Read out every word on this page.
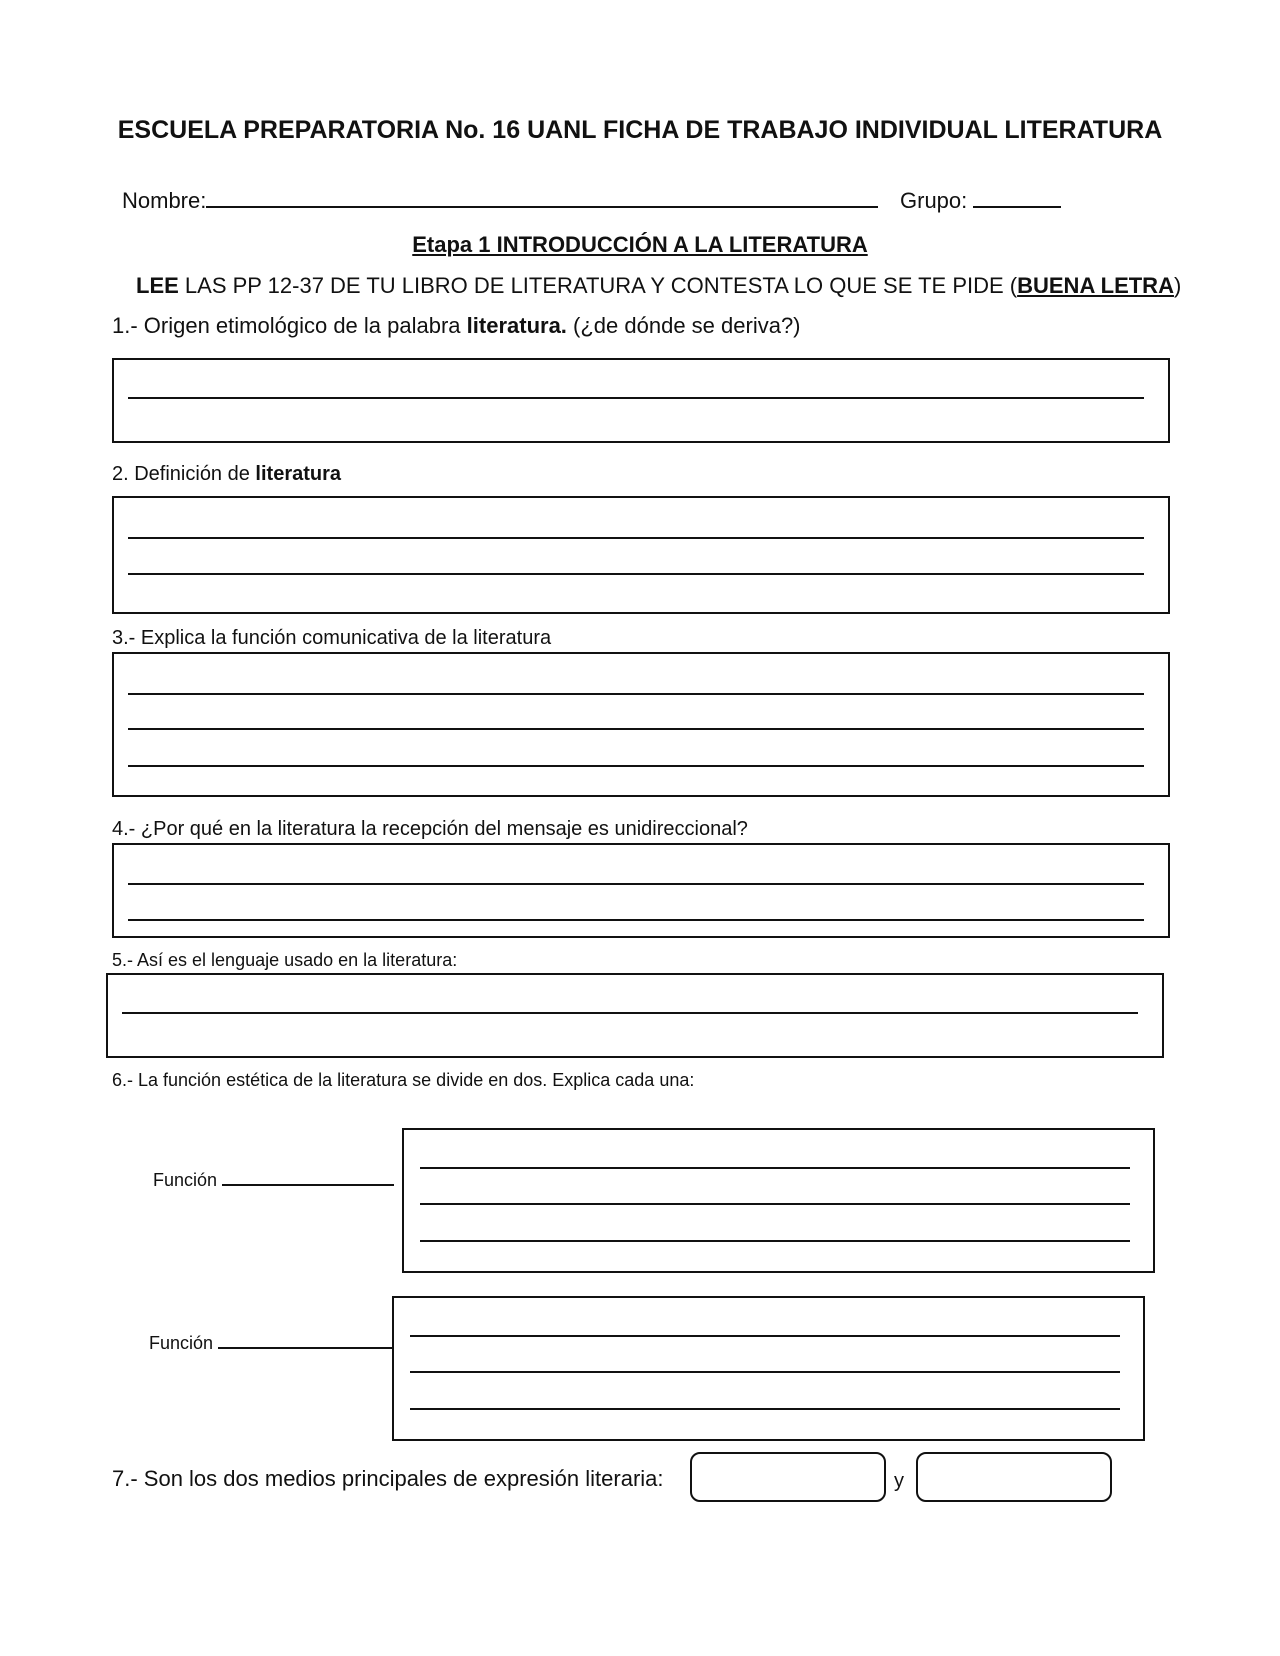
ESCUELA PREPARATORIA No. 16 UANL FICHA DE TRABAJO INDIVIDUAL LITERATURA
Nombre:	Grupo:
Etapa 1 INTRODUCCIÓN A LA LITERATURA
LEE LAS PP 12-37 DE TU LIBRO DE LITERATURA Y CONTESTA LO QUE SE TE PIDE (BUENA LETRA)
1.- Origen etimológico de la palabra literatura. (¿de dónde se deriva?)
2. Definición de literatura
3.- Explica la función comunicativa de la literatura
4.- ¿Por qué en la literatura la recepción del mensaje es unidireccional?
5.- Así es el lenguaje usado en la literatura:
6.- La función estética de la literatura se divide en dos. Explica cada una:
Función
Función
7.- Son los dos medios principales de expresión literaria:	y
